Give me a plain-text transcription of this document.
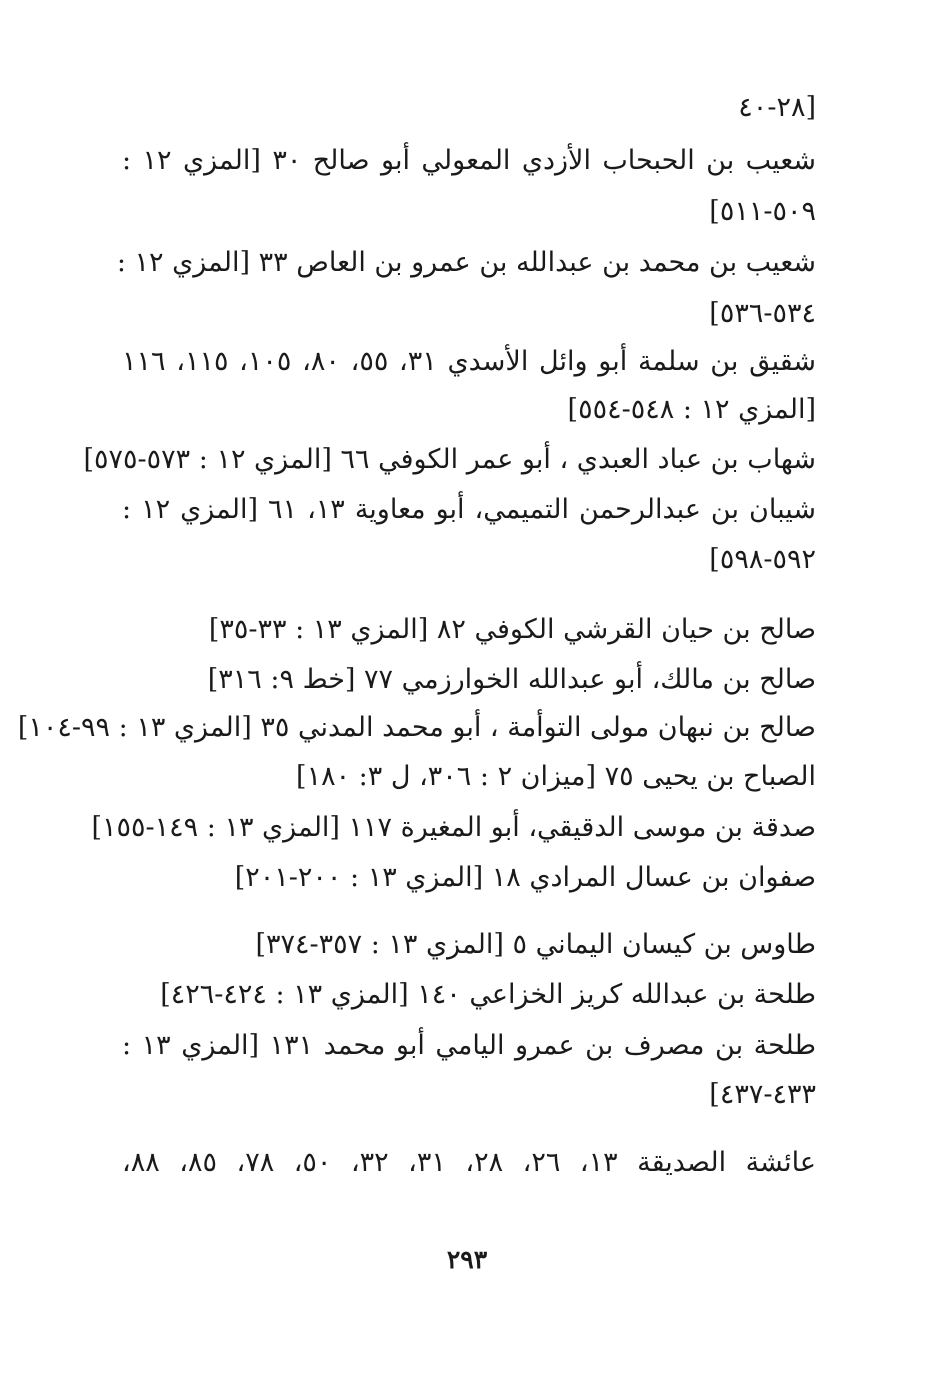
[٢٨-٤٠
شعيب بن الحبحاب الأزدي المعولي أبو صالح ٣٠ [المزي ١٢ :
٥٠٩-٥١١]
شعيب بن محمد بن عبدالله بن عمرو بن العاص ٣٣ [المزي ١٢ :
٥٣٤-٥٣٦]
شقيق بن سلمة أبو وائل الأسدي ٣١، ٥٥، ٨٠، ١٠٥، ١١٥، ١١٦
[المزي ١٢ : ٥٤٨-٥٥٤]
شهاب بن عباد العبدي ، أبو عمر الكوفي ٦٦ [المزي ١٢ : ٥٧٣-٥٧٥]
شيبان بن عبدالرحمن التميمي، أبو معاوية ١٣، ٦١ [المزي ١٢ :
٥٩٢-٥٩٨]
صالح بن حيان القرشي الكوفي ٨٢ [المزي ١٣ : ٣٣-٣٥]
صالح بن مالك، أبو عبدالله الخوارزمي ٧٧ [خط ٩: ٣١٦]
صالح بن نبهان مولى التوأمة ، أبو محمد المدني ٣٥ [المزي ١٣ : ٩٩-١٠٤]
الصباح بن يحيى ٧٥ [ميزان ٢ : ٣٠٦، ل ٣: ١٨٠]
صدقة بن موسى الدقيقي، أبو المغيرة ١١٧ [المزي ١٣ : ١٤٩-١٥٥]
صفوان بن عسال المرادي ١٨ [المزي ١٣ : ٢٠٠-٢٠١]
طاوس بن كيسان اليماني ٥ [المزي ١٣ : ٣٥٧-٣٧٤]
طلحة بن عبدالله كريز الخزاعي ١٤٠ [المزي ١٣ : ٤٢٤-٤٢٦]
طلحة بن مصرف بن عمرو اليامي أبو محمد ١٣١ [المزي ١٣ :
٤٣٣-٤٣٧]
عائشة الصديقة ١٣، ٢٦، ٢٨، ٣١، ٣٢، ٥٠، ٧٨، ٨٥، ٨٨،
٢٩٣
